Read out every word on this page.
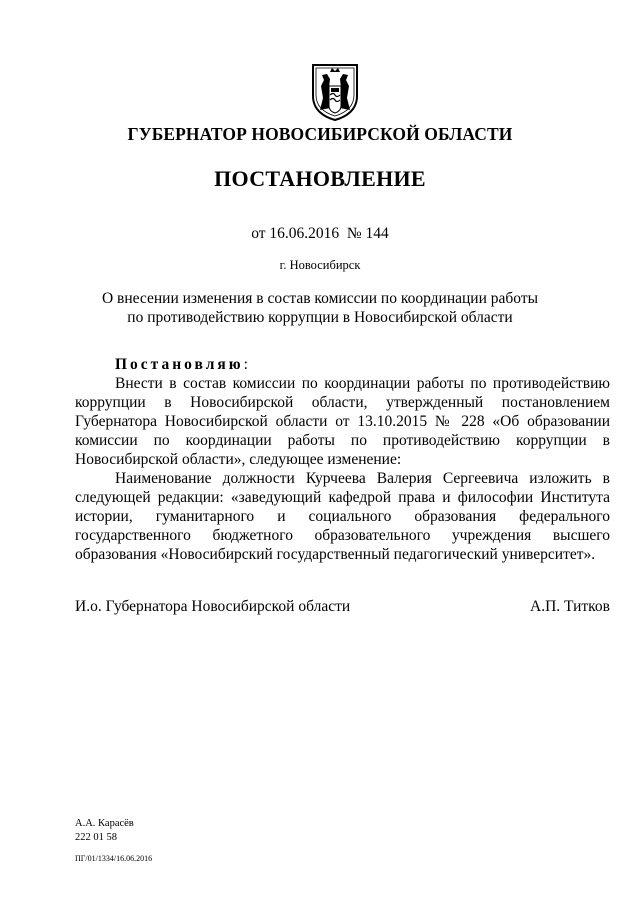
ГУБЕРНАТОР НОВОСИБИРСКОЙ ОБЛАСТИ
ПОСТАНОВЛЕНИЕ
от 16.06.2016  № 144
г. Новосибирск
О внесении изменения в состав комиссии по координации работы
по противодействию коррупции в Новосибирской области
Постановляю:

Внести в состав комиссии по координации работы по противодействию коррупции в Новосибирской области, утвержденный постановлением Губернатора Новосибирской области от 13.10.2015 № 228 «Об образовании комиссии по координации работы по противодействию коррупции в Новосибирской области», следующее изменение:

Наименование должности Курчеева Валерия Сергеевича изложить в следующей редакции: «заведующий кафедрой права и философии Института истории, гуманитарного и социального образования федерального государственного бюджетного образовательного учреждения высшего образования «Новосибирский государственный педагогический университет».

И.о. Губернатора Новосибирской области	А.П. Титков
А.А. Карасёв
222 01 58
ПГ/01/1334/16.06.2016
